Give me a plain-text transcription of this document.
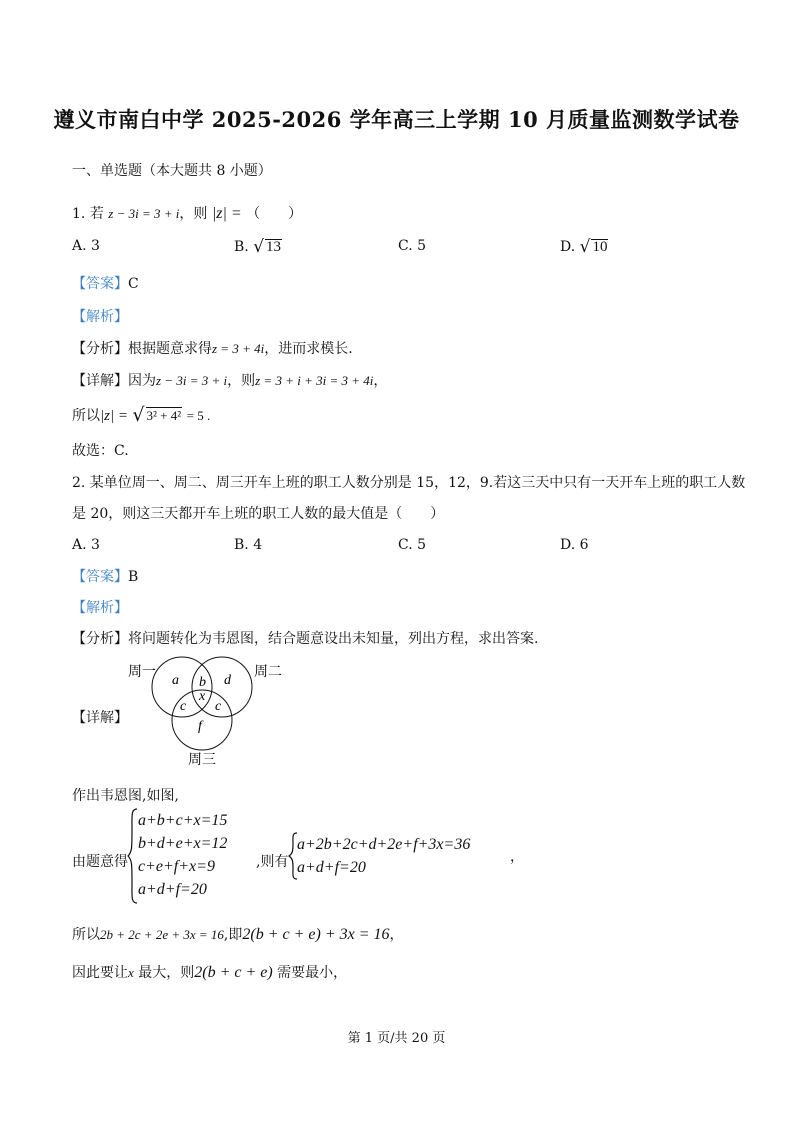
遵义市南白中学 2025-2026 学年高三上学期 10 月质量监测数学试卷
一、单选题（本大题共 8 小题）
1. 若 z − 3i = 3 + i，则 |z| = （　　）
A. 3	B. √ 13	C. 5	D. √ 10
【答案】C
【解析】
【分析】根据题意求得z = 3 + 4i，进而求模长.
【详解】因为z − 3i = 3 + i，则z = 3 + i + 3i = 3 + 4i，
所以|z| = √ 3² + 4² = 5 .
故选：C.
2. 某单位周一、周二、周三开车上班的职工人数分别是 15，12，9.若这三天中只有一天开车上班的职工人数
是 20，则这三天都开车上班的职工人数的最大值是（　　）
A. 3	B. 4	C. 5	D. 6
【答案】B
【解析】
【分析】将问题转化为韦恩图，结合题意设出未知量，列出方程，求出答案.
【详解】
周一	周二
周三
a b d
x
c c
f
作出韦恩图,如图,
由题意得
a+b+c+x=15
b+d+e+x=12
c+e+f+x=9
a+d+f=20
,则有
a+2b+2c+d+2e+f+3x=36
a+d+f=20
，
所以2b + 2c + 2e + 3x = 16,即2(b + c + e) + 3x = 16，
因此要让x 最大，则2(b + c + e) 需要最小，
第 1 页/共 20 页
